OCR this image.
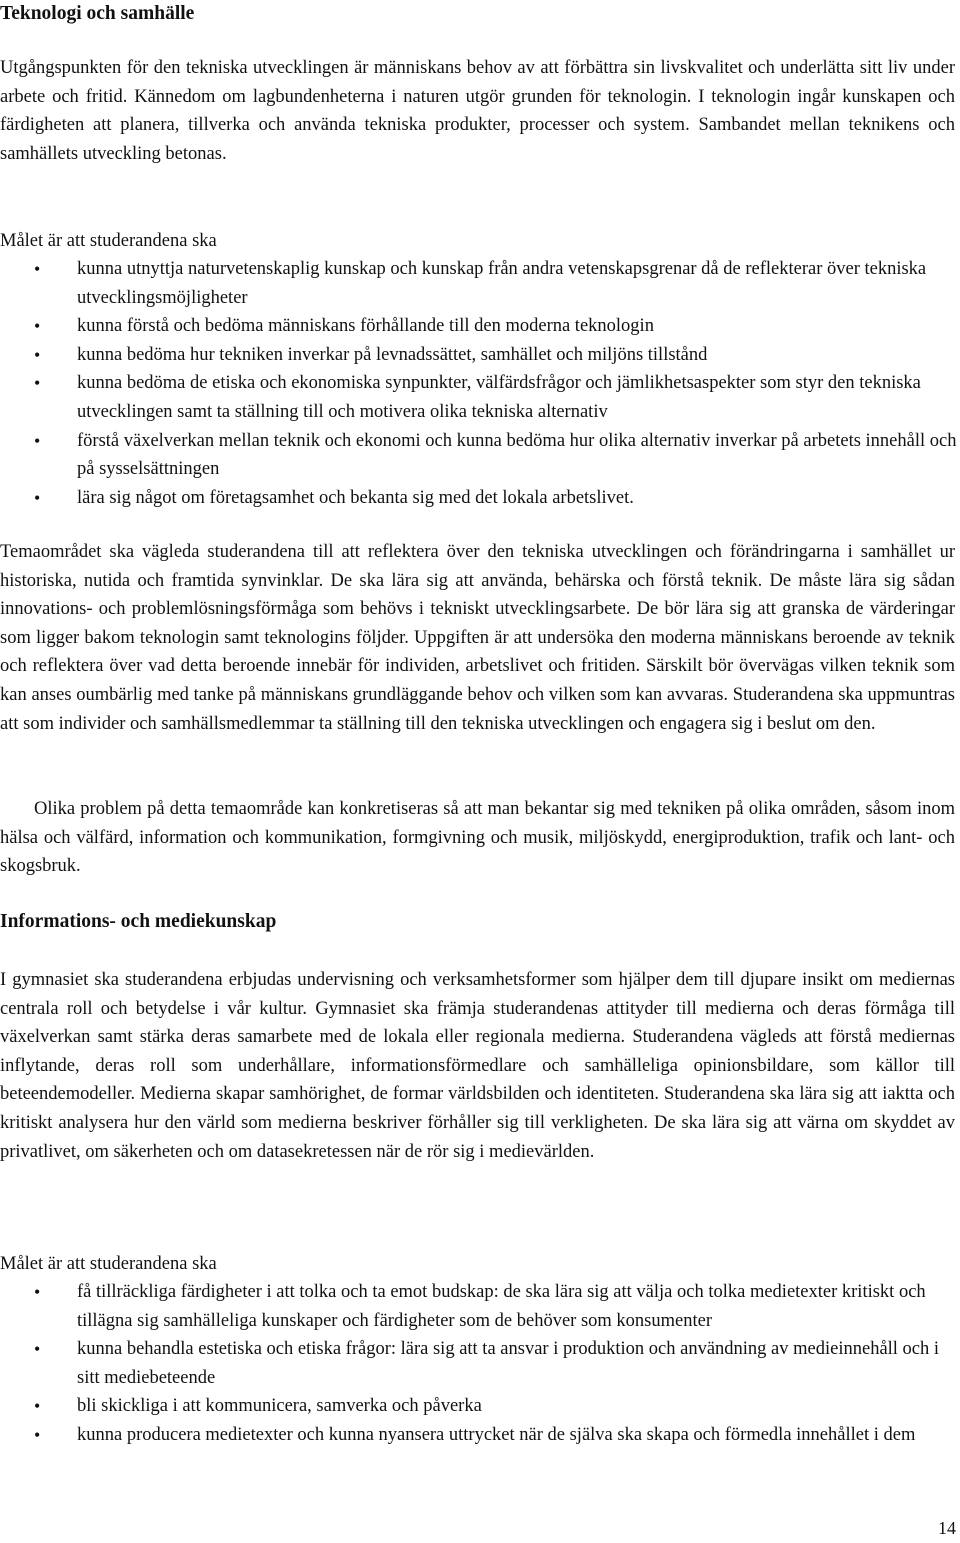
Teknologi och samhälle

Utgångspunkten för den tekniska utvecklingen är människans behov av att förbättra sin livskvalitet och underlätta sitt liv under arbete och fritid. Kännedom om lagbundenheterna i naturen utgör grunden för teknologin. I teknologin ingår kunskapen och färdigheten att planera, tillverka och använda tekniska produkter, processer och system. Sambandet mellan teknikens och samhällets utveckling betonas.

Målet är att studerandena ska

• kunna utnyttja naturvetenskaplig kunskap och kunskap från andra vetenskapsgrenar då de reflekterar över tekniska utvecklingsmöjligheter
• kunna förstå och bedöma människans förhållande till den moderna teknologin
• kunna bedöma hur tekniken inverkar på levnadssättet, samhället och miljöns tillstånd
• kunna bedöma de etiska och ekonomiska synpunkter, välfärdsfrågor och jämlikhetsaspekter som styr den tekniska utvecklingen samt ta ställning till och motivera olika tekniska alternativ
• förstå växelverkan mellan teknik och ekonomi och kunna bedöma hur olika alternativ inverkar på arbetets innehåll och på sysselsättningen
• lära sig något om företagsamhet och bekanta sig med det lokala arbetslivet.

Temaområdet ska vägleda studerandena till att reflektera över den tekniska utvecklingen och förändringarna i samhället ur historiska, nutida och framtida synvinklar. De ska lära sig att använda, behärska och förstå teknik. De måste lära sig sådan innovations- och problemlösningsförmåga som behövs i tekniskt utvecklingsarbete. De bör lära sig att granska de värderingar som ligger bakom teknologin samt teknologins följder. Uppgiften är att undersöka den moderna människans beroende av teknik och reflektera över vad detta beroende innebär för individen, arbetslivet och fritiden. Särskilt bör övervägas vilken teknik som kan anses oumbärlig med tanke på människans grundläggande behov och vilken som kan avvaras. Studerandena ska uppmuntras att som individer och samhällsmedlemmar ta ställning till den tekniska utvecklingen och engagera sig i beslut om den.

Olika problem på detta temaområde kan konkretiseras så att man bekantar sig med tekniken på olika områden, såsom inom hälsa och välfärd, information och kommunikation, formgivning och musik, miljöskydd, energiproduktion, trafik och lant- och skogsbruk.

Informations- och mediekunskap

I gymnasiet ska studerandena erbjudas undervisning och verksamhetsformer som hjälper dem till djupare insikt om mediernas centrala roll och betydelse i vår kultur. Gymnasiet ska främja studerandenas attityder till medierna och deras förmåga till växelverkan samt stärka deras samarbete med de lokala eller regionala medierna. Studerandena vägleds att förstå mediernas inflytande, deras roll som underhållare, informationsförmedlare och samhälleliga opinionsbildare, som källor till beteendemodeller. Medierna skapar samhörighet, de formar världsbilden och identiteten. Studerandena ska lära sig att iaktta och kritiskt analysera hur den värld som medierna beskriver förhåller sig till verkligheten. De ska lära sig att värna om skyddet av privatlivet, om säkerheten och om datasekretessen när de rör sig i medievärlden.

Målet är att studerandena ska

• få tillräckliga färdigheter i att tolka och ta emot budskap: de ska lära sig att välja och tolka medietexter kritiskt och tillägna sig samhälleliga kunskaper och färdigheter som de behöver som konsumenter
• kunna behandla estetiska och etiska frågor: lära sig att ta ansvar i produktion och användning av medieinnehåll och i sitt mediebeteende
• bli skickliga i att kommunicera, samverka och påverka
• kunna producera medietexter och kunna nyansera uttrycket när de själva ska skapa och förmedla innehållet i dem
14
